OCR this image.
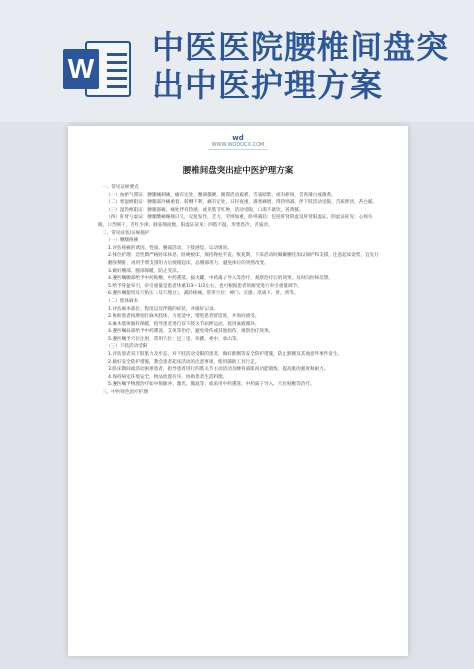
W
中医医院腰椎间盘突出中医护理方案
wd
WWW.WODOCX.COM
腰椎间盘突出症中医护理方案

一、常见证候要点

（一）血瘀气滞证：腰腿痛刺痛，痛有定处，腰部僵硬，俯仰活动艰难，舌质暗紫，或有瘀斑，舌苔薄白或薄黄。

（二）寒湿痹阻证：腰腿部冷痛重着，转侧不利，痛有定处，日轻夜重，遇寒痛增，得热则减，伴下肢活动受限，舌质胖淡，苔白腻。

（三）湿热痹阻证：腰腿部痛，痛处伴有热感，或见肢节红肿，活动受限，口渴不欲饮，苔黄腻。

（四）肝肾亏虚证：腰腿酸痛缠绵日久，反复发作，乏力，劳则加重，卧则减轻；包括肝肾阴虚及肝肾阳虚证。阴虚证症见：心烦失眠，口苦咽干，舌红少津，脉弦细而数。阳虚证症见：四肢不温，形寒畏冷，舌质淡。

二、常见症状/证候施护

（一）腰腿疼痛

1.评估疼痛的诱因、性质、腰部活动、下肢感觉、运动情况。

2.体位护理：急性期严格卧床休息，卧硬板床，保持脊柱平直。恢复期，下床活动时佩戴腰托加以保护和支撑，注意起床姿势，宜先行翻身侧卧，再用手臂支撑用力后缓缓起床，忌腰部用力，避免体位的突然改变。

3.做好腰部、腿部保暖，防止受凉。

4.遵医嘱腰部给予中药贴敷、中药熏蒸、拔火罐、中药离子导入等治疗，观察治疗后的效果，及时向医师反馈。

5.给予骨盆牵引，牵引重量是患者体重1/3～1/2左右，也可根据患者的耐受进行牵引重量调节。

6.遵医嘱使用耳穴贴压（耳穴埋豆），减轻疼痛。常用穴位：神门、交感、皮质下、肝、肾等。

（二）肢体麻木

1.评估麻木部位、程度以及伴随的症状，并做好记录。

2.协助患者按摩拍打麻木肢体，力度适中，增进患者舒适度，并询问感受。

3.麻木肢体做好保暖，指导患者进行双下肢关节屈伸运动，促进血液循环。

4.遵医嘱局部给予中药熏洗、艾灸等治疗，避免烫伤或其他损伤，观察治疗效果。

5.遵医嘱予穴位注射，常用穴位：足三里、环跳、委中、承山等。

（三）下肢活动受限

1.评估患者双下肢肌力及步态，对下肢活动受限的患者，做好跌倒等安全防护措施，防止跌倒及其他意外事件发生。

2.做好安全防护措施，教会患者起床活动的注意事项，使用辅助工具行走。

3.卧床期间或活动困难患者，指导患者进行四肢关节主动活动及腰背部肌肉功能锻炼，提高肌肉强度和耐力。

4.保持病室环境安全，物品放置有序，协助患者生活料理。

5.遵医嘱予物理治疗如中频脉冲、激光、微波等；或采用中药熏洗、中药离子导入、穴位贴敷等治疗。

三、中医特色治疗护理
